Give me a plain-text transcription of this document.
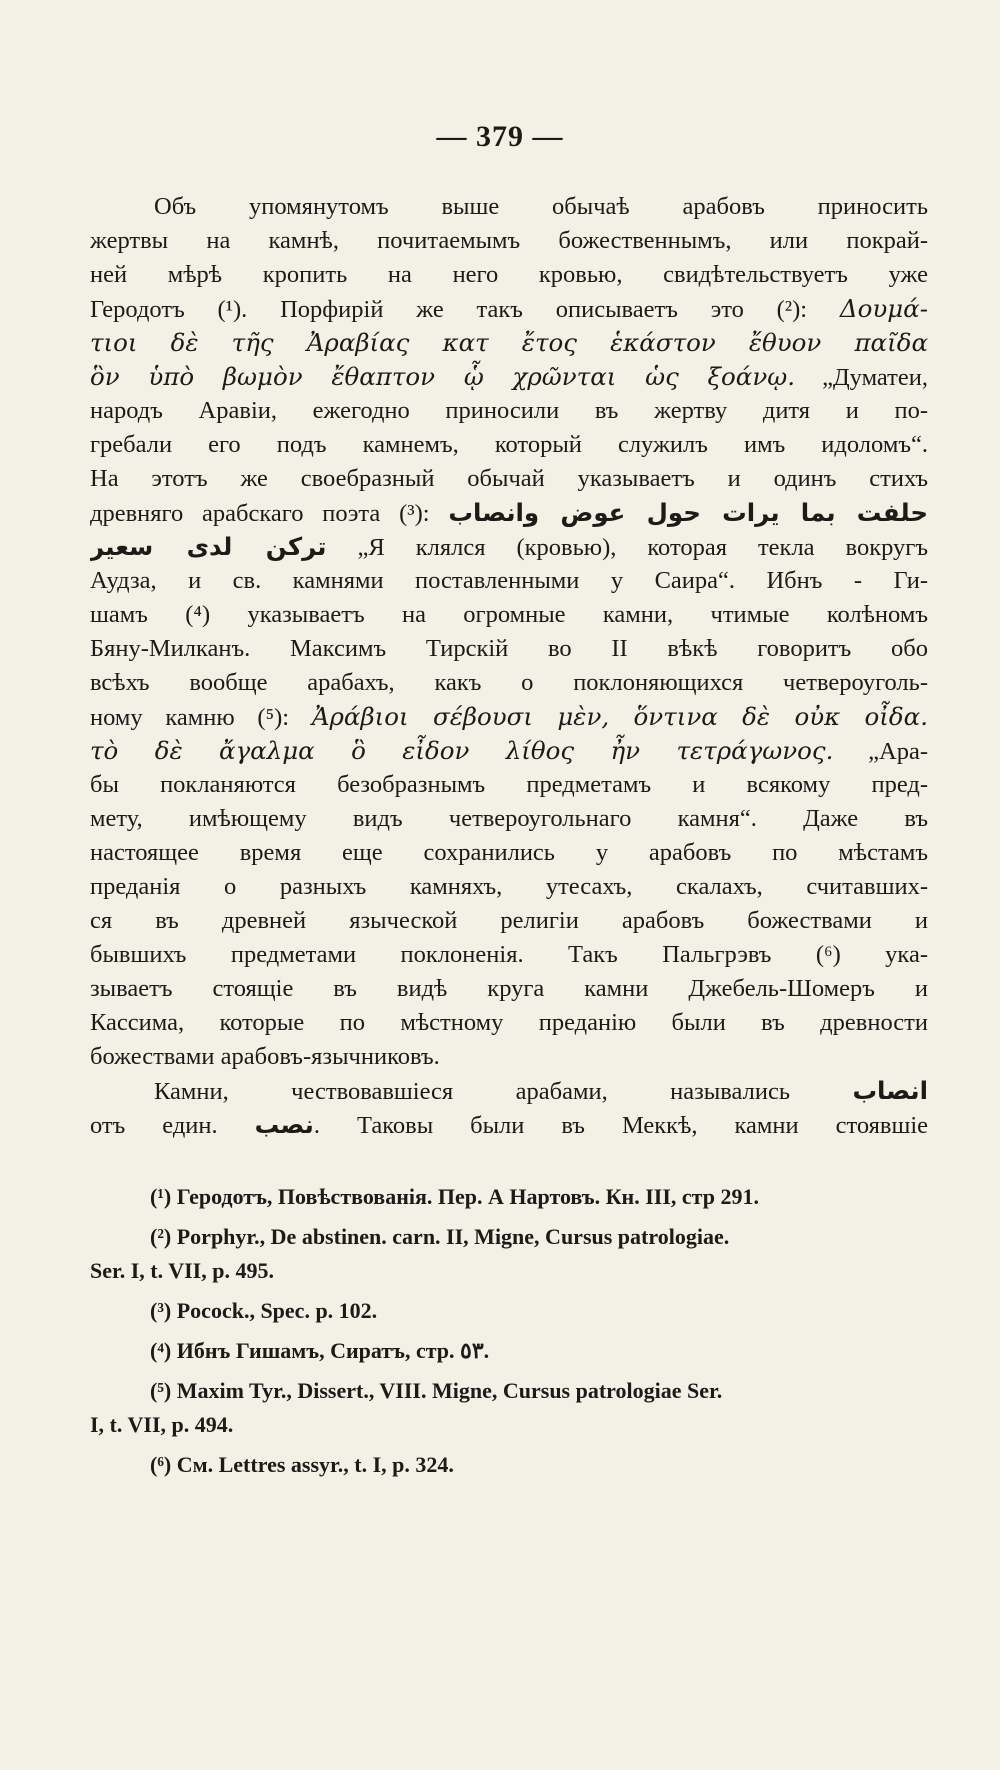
— 379 —
Объ упомянутомъ выше обычаѣ арабовъ приносить
жертвы на камнѣ, почитаемымъ божественнымъ, или покрай-
ней мѣрѣ кропить на него кровью, свидѣтельствуетъ уже
Геродотъ (¹). Порфирій же такъ описываетъ это (²): Δουμά-
τιοι δὲ τῆς Ἀραβίας κατ ἔτος ἑκάστον ἔθυον παῖδα
ὃν ὑπὸ βωμὸν ἔθαπτον ᾧ χρῶνται ὡς ξοάνῳ. „Думатеи,
народъ Аравіи, ежегодно приносили въ жертву дитя и по-
гребали его подъ камнемъ, который служилъ имъ идоломъ“.
На этотъ же своебразный обычай указываетъ и одинъ стихъ
древняго арабскаго поэта (³): حلفت بما يرات حول عوض وانصاب
تركن لدى سعير „Я клялся (кровью), которая текла вокругъ
Аудза, и св. камнями поставленными у Саира“. Ибнъ - Ги-
шамъ (⁴) указываетъ на огромные камни, чтимые колѣномъ
Бяну-Милканъ. Максимъ Тирскій во II вѣкѣ говоритъ обо
всѣхъ вообще арабахъ, какъ о поклоняющихся четвероуголь-
ному камню (⁵): Ἀράβιοι σέβουσι μὲν, ὅντινα δὲ οὐκ οἶδα.
τὸ δὲ ἄγαλμα ὃ εἶδον λίθος ἦν τετράγωνος. „Ара-
бы покланяются безобразнымъ предметамъ и всякому пред-
мету, имѣющему видъ четвероугольнаго камня“. Даже въ
настоящее время еще сохранились у арабовъ по мѣстамъ
преданія о разныхъ камняхъ, утесахъ, скалахъ, считавших-
ся въ древней языческой религіи арабовъ божествами и
бывшихъ предметами поклоненія. Такъ Пальгрэвъ (⁶) ука-
зываетъ стоящіе въ видѣ круга камни Джебель-Шомеръ и
Кассима, которые по мѣстному преданію были въ древности
божествами арабовъ-язычниковъ.
Камни, чествовавшіеся арабами, назывались انصاب
отъ един. نصب. Таковы были въ Меккѣ, камни стоявшіе
(¹) Геродотъ, Повѣствованія. Пер. А Нартовъ. Кн. III, стр 291.
(²) Porphyr., De abstinen. carn. II, Migne, Cursus patrologiae.
Ser. I, t. VII, p. 495.
(³) Pocock., Spec. p. 102.
(⁴) Ибнъ Гишамъ, Сиратъ, стр. ٥٣.
(⁵) Maxim Tyr., Dissert., VIII. Migne, Cursus patrologiae Ser.
I, t. VII, p. 494.
(⁶) См. Lettres assyr., t. I, p. 324.
